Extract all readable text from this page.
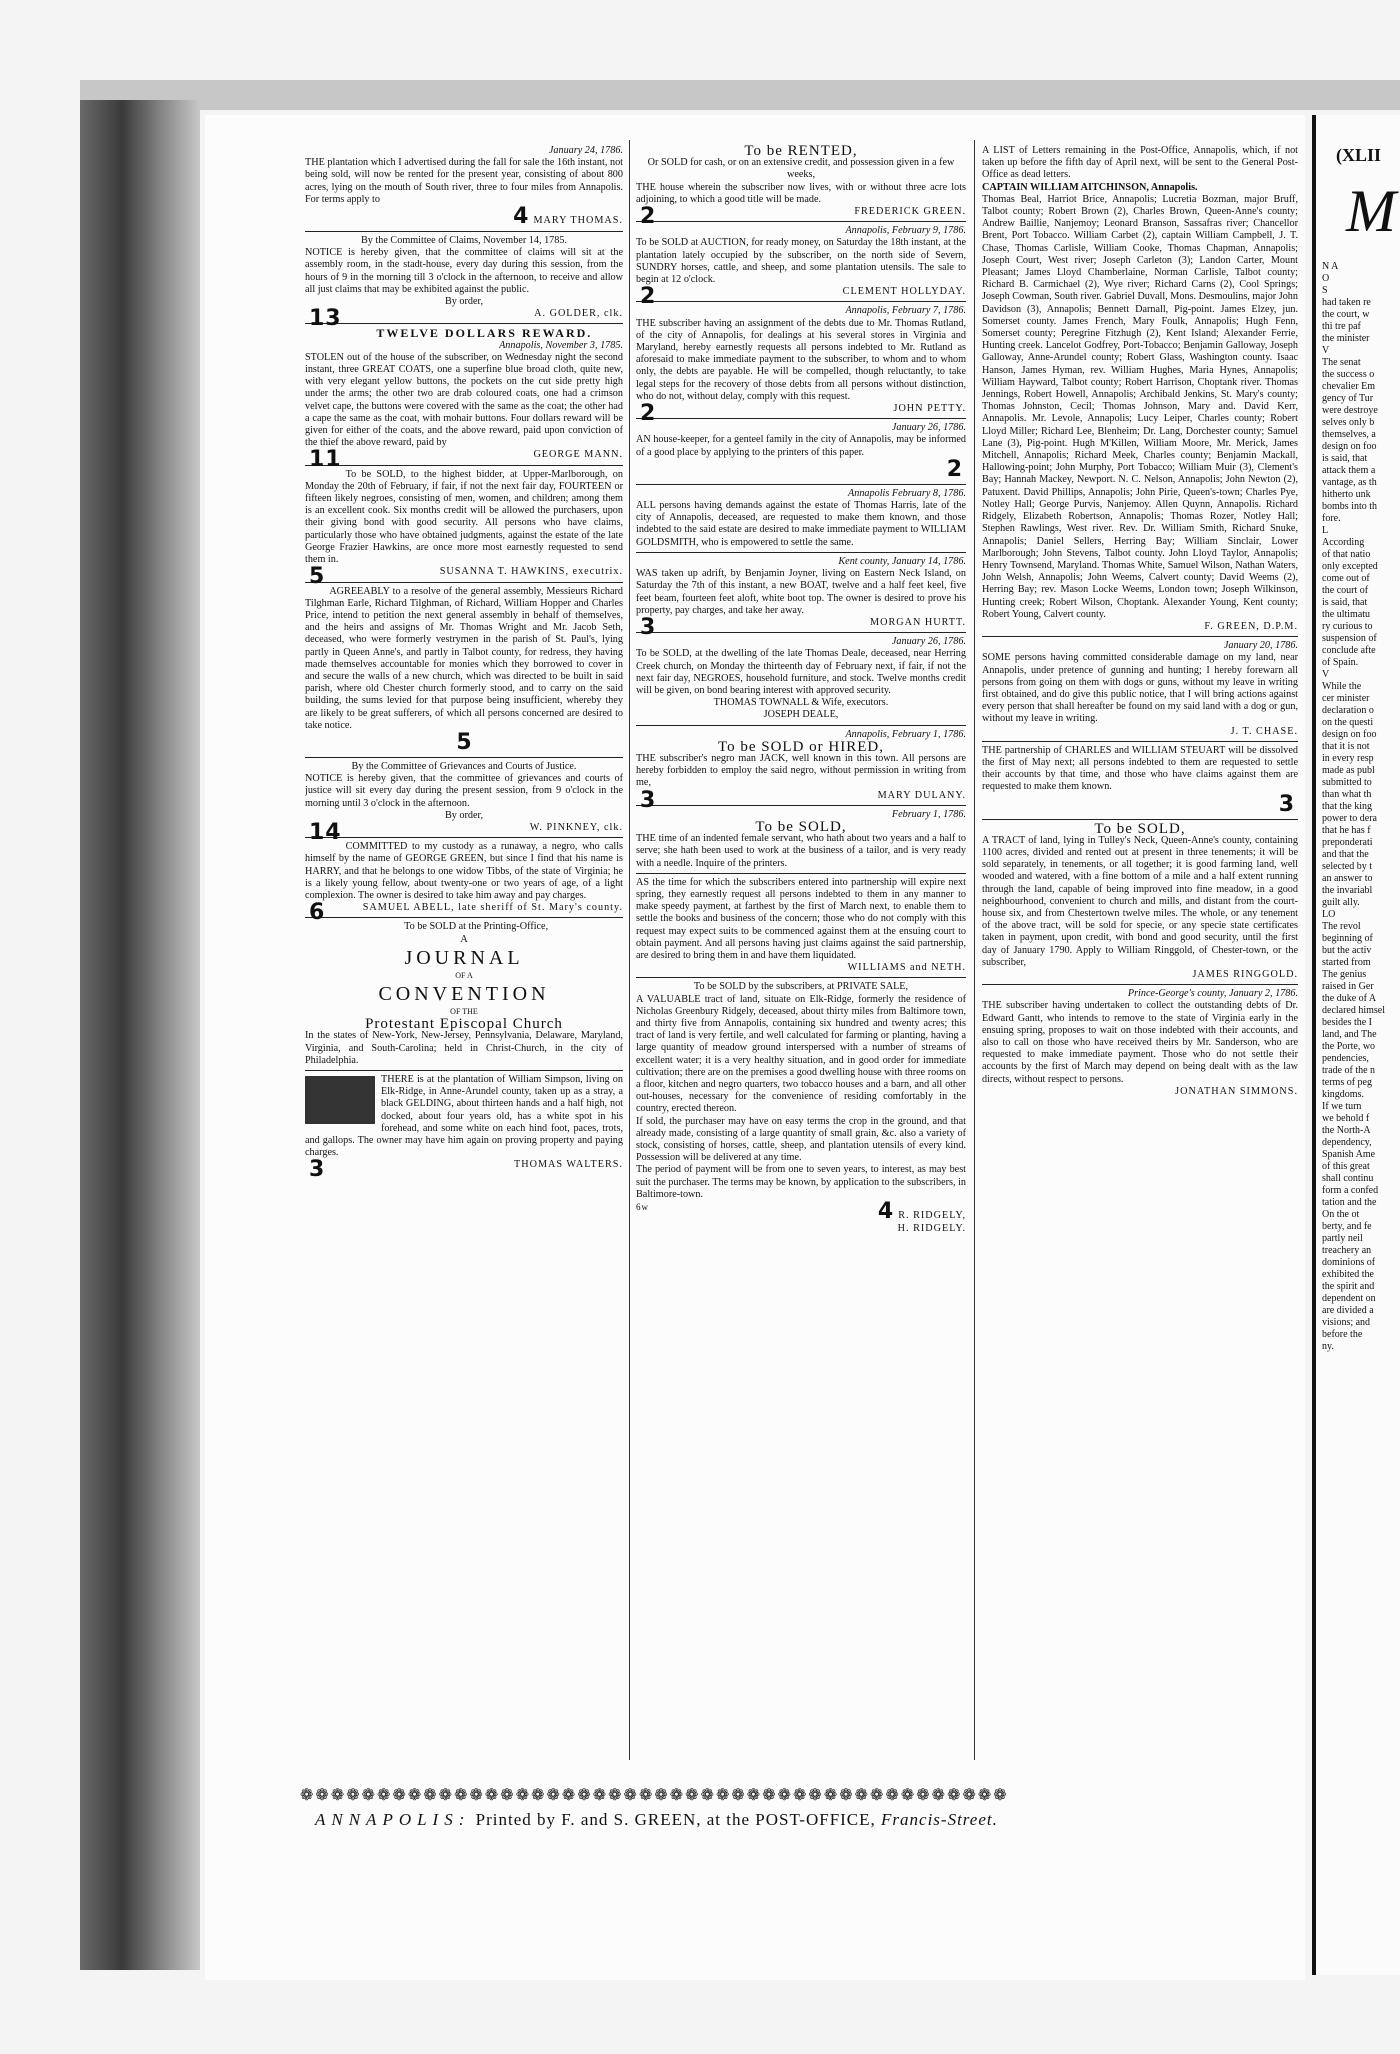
January 24, 1786.

THE plantation which I advertised during the fall for sale the 16th instant, not being sold, will now be rented for the present year, consisting of about 800 acres, lying on the mouth of South river, three to four miles from Annapolis. For terms apply to

4 MARY THOMAS.

By the Committee of Claims, November 14, 1785.

NOTICE is hereby given, that the committee of claims will sit at the assembly room, in the stadt-house, every day during this session, from the hours of 9 in the morning till 3 o'clock in the afternoon, to receive and allow all just claims that may be exhibited against the public.

By order,

13	A. GOLDER, clk.

TWELVE DOLLARS REWARD.

Annapolis, November 3, 1785.

STOLEN out of the house of the subscriber, on Wednesday night the second instant, three GREAT COATS, one a superfine blue broad cloth, quite new, with very elegant yellow buttons, the pockets on the cut side pretty high under the arms; the other two are drab coloured coats, one had a crimson velvet cape, the buttons were covered with the same as the coat; the other had a cape the same as the coat, with mohair buttons. Four dollars reward will be given for either of the coats, and the above reward, paid upon conviction of the thief the above reward, paid by

11	GEORGE MANN.

To be SOLD, to the highest bidder, at Upper-Marlborough, on Monday the 20th of February, if fair, if not the next fair day, FOURTEEN or fifteen likely negroes, consisting of men, women, and children; among them is an excellent cook. Six months credit will be allowed the purchasers, upon their giving bond with good security. All persons who have claims, particularly those who have obtained judgments, against the estate of the late George Frazier Hawkins, are once more most earnestly requested to send them in.

5	SUSANNA T. HAWKINS, executrix.

AGREEABLY to a resolve of the general assembly, Messieurs Richard Tilghman Earle, Richard Tilghman, of Richard, William Hopper and Charles Price, intend to petition the next general assembly in behalf of themselves, and the heirs and assigns of Mr. Thomas Wright and Mr. Jacob Seth, deceased, who were formerly vestrymen in the parish of St. Paul's, lying partly in Queen Anne's, and partly in Talbot county, for redress, they having made themselves accountable for monies which they borrowed to cover in and secure the walls of a new church, which was directed to be built in said parish, where old Chester church formerly stood, and to carry on the said building, the sums levied for that purpose being insufficient, whereby they are likely to be great sufferers, of which all persons concerned are desired to take notice.

5

By the Committee of Grievances and Courts of Justice.

NOTICE is hereby given, that the committee of grievances and courts of justice will sit every day during the present session, from 9 o'clock in the morning until 3 o'clock in the afternoon.

By order,

14	W. PINKNEY, clk.

COMMITTED to my custody as a runaway, a negro, who calls himself by the name of GEORGE GREEN, but since I find that his name is HARRY, and that he belongs to one widow Tibbs, of the state of Virginia; he is a likely young fellow, about twenty-one or two years of age, of a light complexion. The owner is desired to take him away and pay charges.

6	SAMUEL ABELL, late sheriff of St. Mary's county.

To be SOLD at the Printing-Office,

A

JOURNAL

OF A

CONVENTION

OF THE

Protestant Episcopal Church

In the states of New-York, New-Jersey, Pennsylvania, Delaware, Maryland, Virginia, and South-Carolina; held in Christ-Church, in the city of Philadelphia.

THERE is at the plantation of William Simpson, living on Elk-Ridge, in Anne-Arundel county, taken up as a stray, a black GELDING, about thirteen hands and a half high, not docked, about four years old, has a white spot in his forehead, and some white on each hind foot, paces, trots, and gallops. The owner may have him again on proving property and paying charges.

3	THOMAS WALTERS.

To be RENTED,

Or SOLD for cash, or on an extensive credit, and possession given in a few weeks,

THE house wherein the subscriber now lives, with or without three acre lots adjoining, to which a good title will be made.

2	FREDERICK GREEN.

Annapolis, February 9, 1786.

To be SOLD at AUCTION, for ready money, on Saturday the 18th instant, at the plantation lately occupied by the subscriber, on the north side of Severn, SUNDRY horses, cattle, and sheep, and some plantation utensils. The sale to begin at 12 o'clock.

2	CLEMENT HOLLYDAY.

Annapolis, February 7, 1786.

THE subscriber having an assignment of the debts due to Mr. Thomas Rutland, of the city of Annapolis, for dealings at his several stores in Virginia and Maryland, hereby earnestly requests all persons indebted to Mr. Rutland as aforesaid to make immediate payment to the subscriber, to whom and to whom only, the debts are payable. He will be compelled, though reluctantly, to take legal steps for the recovery of those debts from all persons without distinction, who do not, without delay, comply with this request.

2	JOHN PETTY.

January 26, 1786.

AN house-keeper, for a genteel family in the city of Annapolis, may be informed of a good place by applying to the printers of this paper.

2

Annapolis February 8, 1786.

ALL persons having demands against the estate of Thomas Harris, late of the city of Annapolis, deceased, are requested to make them known, and those indebted to the said estate are desired to make immediate payment to WILLIAM GOLDSMITH, who is empowered to settle the same.

Kent county, January 14, 1786.

WAS taken up adrift, by Benjamin Joyner, living on Eastern Neck Island, on Saturday the 7th of this instant, a new BOAT, twelve and a half feet keel, five feet beam, fourteen feet aloft, white boot top. The owner is desired to prove his property, pay charges, and take her away.

3	MORGAN HURTT.

January 26, 1786.

To be SOLD, at the dwelling of the late Thomas Deale, deceased, near Herring Creek church, on Monday the thirteenth day of February next, if fair, if not the next fair day, NEGROES, household furniture, and stock. Twelve months credit will be given, on bond bearing interest with approved security.

THOMAS TOWNALL & Wife, executors.

JOSEPH DEALE,

Annapolis, February 1, 1786.

To be SOLD or HIRED,

THE subscriber's negro man JACK, well known in this town. All persons are hereby forbidden to employ the said negro, without permission in writing from me,

3	MARY DULANY.

February 1, 1786.

To be SOLD,

THE time of an indented female servant, who hath about two years and a half to serve; she hath been used to work at the business of a tailor, and is very ready with a needle. Inquire of the printers.

AS the time for which the subscribers entered into partnership will expire next spring, they earnestly request all persons indebted to them in any manner to make speedy payment, at farthest by the first of March next, to enable them to settle the books and business of the concern; those who do not comply with this request may expect suits to be commenced against them at the ensuing court to obtain payment. And all persons having just claims against the said partnership, are desired to bring them in and have them liquidated.

WILLIAMS and NETH.

To be SOLD by the subscribers, at PRIVATE SALE,

A VALUABLE tract of land, situate on Elk-Ridge, formerly the residence of Nicholas Greenbury Ridgely, deceased, about thirty miles from Baltimore town, and thirty five from Annapolis, containing six hundred and twenty acres; this tract of land is very fertile, and well calculated for farming or planting, having a large quantity of meadow ground interspersed with a number of streams of excellent water; it is a very healthy situation, and in good order for immediate cultivation; there are on the premises a good dwelling house with three rooms on a floor, kitchen and negro quarters, two tobacco houses and a barn, and all other out-houses, necessary for the convenience of residing comfortably in the country, erected thereon.

If sold, the purchaser may have on easy terms the crop in the ground, and that already made, consisting of a large quantity of small grain, &c. also a variety of stock, consisting of horses, cattle, sheep, and plantation utensils of every kind. Possession will be delivered at any time.

The period of payment will be from one to seven years, to interest, as may best suit the purchaser. The terms may be known, by application to the subscribers, in Baltimore-town.

6w	4 R. RIDGELY,

H. RIDGELY.

A LIST of Letters remaining in the Post-Office, Annapolis, which, if not taken up before the fifth day of April next, will be sent to the General Post-Office as dead letters.

CAPTAIN WILLIAM AITCHINSON, Annapolis.

Thomas Beal, Harriot Brice, Annapolis; Lucretia Bozman, major Bruff, Talbot county; Robert Brown (2), Charles Brown, Queen-Anne's county; Andrew Baillie, Nanjemoy; Leonard Branson, Sassafras river; Chancellor Brent, Port Tobacco. William Carbet (2), captain William Campbell, J. T. Chase, Thomas Carlisle, William Cooke, Thomas Chapman, Annapolis; Joseph Court, West river; Joseph Carleton (3); Landon Carter, Mount Pleasant; James Lloyd Chamberlaine, Norman Carlisle, Talbot county; Richard B. Carmichael (2), Wye river; Richard Carns (2), Cool Springs; Joseph Cowman, South river. Gabriel Duvall, Mons. Desmoulins, major John Davidson (3), Annapolis; Bennett Darnall, Pig-point. James Elzey, jun. Somerset county. James French, Mary Foulk, Annapolis; Hugh Fenn, Somerset county; Peregrine Fitzhugh (2), Kent Island; Alexander Ferrie, Hunting creek. Lancelot Godfrey, Port-Tobacco; Benjamin Galloway, Joseph Galloway, Anne-Arundel county; Robert Glass, Washington county. Isaac Hanson, James Hyman, rev. William Hughes, Maria Hynes, Annapolis; William Hayward, Talbot county; Robert Harrison, Choptank river. Thomas Jennings, Robert Howell, Annapolis; Archibald Jenkins, St. Mary's county; Thomas Johnston, Cecil; Thomas Johnson, Mary and. David Kerr, Annapolis. Mr. Levole, Annapolis; Lucy Leiper, Charles county; Robert Lloyd Miller; Richard Lee, Blenheim; Dr. Lang, Dorchester county; Samuel Lane (3), Pig-point. Hugh M'Killen, William Moore, Mr. Merick, James Mitchell, Annapolis; Richard Meek, Charles county; Benjamin Mackall, Hallowing-point; John Murphy, Port Tobacco; William Muir (3), Clement's Bay; Hannah Mackey, Newport. N. C. Nelson, Annapolis; John Newton (2), Patuxent. David Phillips, Annapolis; John Pirie, Queen's-town; Charles Pye, Notley Hall; George Purvis, Nanjemoy. Allen Quynn, Annapolis. Richard Ridgely, Elizabeth Robertson, Annapolis; Thomas Rozer, Notley Hall; Stephen Rawlings, West river. Rev. Dr. William Smith, Richard Snuke, Annapolis; Daniel Sellers, Herring Bay; William Sinclair, Lower Marlborough; John Stevens, Talbot county. John Lloyd Taylor, Annapolis; Henry Townsend, Maryland. Thomas White, Samuel Wilson, Nathan Waters, John Welsh, Annapolis; John Weems, Calvert county; David Weems (2), Herring Bay; rev. Mason Locke Weems, London town; Joseph Wilkinson, Hunting creek; Robert Wilson, Choptank. Alexander Young, Kent county; Robert Young, Calvert county.

F. GREEN, D.P.M.

January 20, 1786.

SOME persons having committed considerable damage on my land, near Annapolis, under pretence of gunning and hunting; I hereby forewarn all persons from going on them with dogs or guns, without my leave in writing first obtained, and do give this public notice, that I will bring actions against every person that shall hereafter be found on my said land with a dog or gun, without my leave in writing.

J. T. CHASE.

THE partnership of CHARLES and WILLIAM STEUART will be dissolved the first of May next; all persons indebted to them are requested to settle their accounts by that time, and those who have claims against them are requested to make them known.

3

To be SOLD,

A TRACT of land, lying in Tulley's Neck, Queen-Anne's county, containing 1100 acres, divided and rented out at present in three tenements; it will be sold separately, in tenements, or all together; it is good farming land, well wooded and watered, with a fine bottom of a mile and a half extent running through the land, capable of being improved into fine meadow, in a good neighbourhood, convenient to church and mills, and distant from the court-house six, and from Chestertown twelve miles. The whole, or any tenement of the above tract, will be sold for specie, or any specie state certificates taken in payment, upon credit, with bond and good security, until the first day of January 1790. Apply to William Ringgold, of Chester-town, or the subscriber,

JAMES RINGGOLD.

Prince-George's county, January 2, 1786.

THE subscriber having undertaken to collect the outstanding debts of Dr. Edward Gantt, who intends to remove to the state of Virginia early in the ensuing spring, proposes to wait on those indebted with their accounts, and also to call on those who have received theirs by Mr. Sanderson, who are requested to make immediate payment. Those who do not settle their accounts by the first of March may depend on being dealt with as the law directs, without respect to persons.

JONATHAN SIMMONS.

❁❁❁❁❁❁❁❁❁❁❁❁❁❁❁❁❁❁❁❁❁❁❁❁❁❁❁❁❁❁❁❁❁❁❁❁❁❁❁❁❁❁❁❁❁❁
ANNAPOLIS: Printed by F. and S. GREEN, at the POST-OFFICE, Francis-Street.
(XLII
M
N A
O
S
had taken re
the court, w
thi tre paf
the minister
V
The senat
the success o
chevalier Em
gency of Tur
were destroye
selves only b
themselves, a
design on foo
is said, that
attack them a
vantage, as th
hitherto unk
bombs into th
fore.
L
According
of that natio
only excepted
come out of
the court of
is said, that
the ultimatu
ry curious to
suspension of
conclude afte
of Spain.
V
While the
cer minister
declaration o
on the questi
design on foo
that it is not
in every resp
made as publ
submitted to
than what th
that the king
power to dera
that he has f
preponderati
and that the
selected by t
an answer to
the invariabl
guilt ally.
LO
The revol
beginning of
but the activ
started from
The genius
raised in Ger
the duke of A
declared himsel
besides the I
land, and The
the Porte, wo
pendencies,
trade of the n
terms of peg
kingdoms.
If we turn
we behold f
the North-A
dependency,
Spanish Ame
of this great
shall continu
form a confed
tation and the
On the ot
berty, and fe
partly neil
treachery an
dominions of
exhibited the
the spirit and
dependent on
are divided a
visions; and
before the
ny.
